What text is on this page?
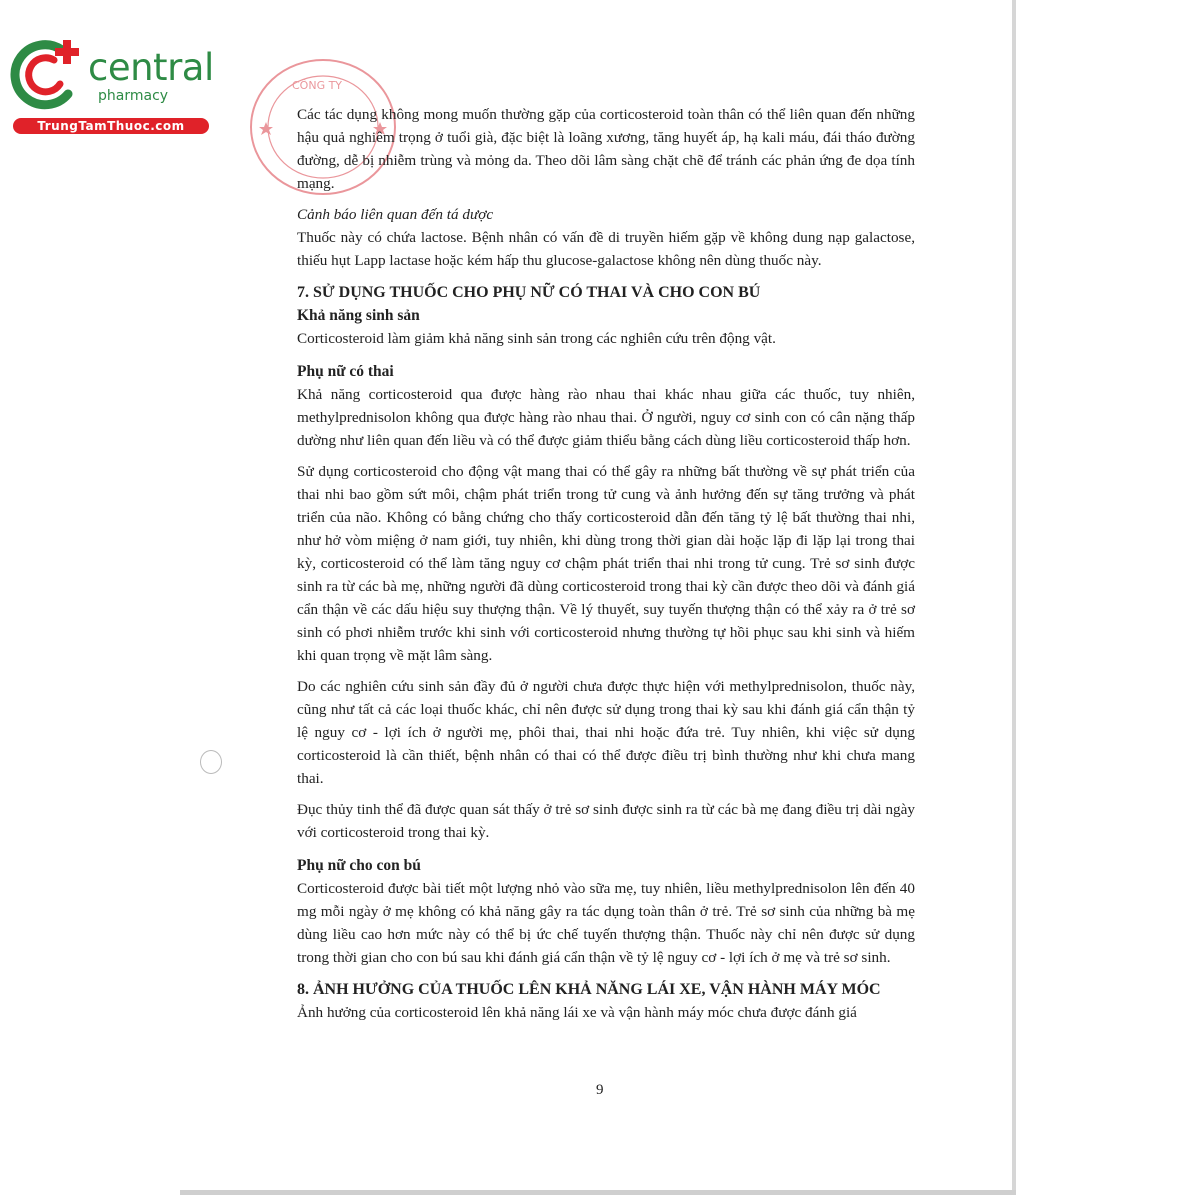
central
pharmacy
TrungTamThuoc.com
CÔNG TY

Các tác dụng không mong muốn thường gặp của corticosteroid toàn thân có thể liên quan đến những hậu quả nghiêm trọng ở tuổi già, đặc biệt là loãng xương, tăng huyết áp, hạ kali máu, đái tháo đường đường, dễ bị nhiễm trùng và mỏng da. Theo dõi lâm sàng chặt chẽ để tránh các phản ứng đe dọa tính mạng.

Cảnh báo liên quan đến tá dược

Thuốc này có chứa lactose. Bệnh nhân có vấn đề di truyền hiếm gặp về không dung nạp galactose, thiếu hụt Lapp lactase hoặc kém hấp thu glucose-galactose không nên dùng thuốc này.

7. SỬ DỤNG THUỐC CHO PHỤ NỮ CÓ THAI VÀ CHO CON BÚ

Khả năng sinh sản

Corticosteroid làm giảm khả năng sinh sản trong các nghiên cứu trên động vật.

Phụ nữ có thai

Khả năng corticosteroid qua được hàng rào nhau thai khác nhau giữa các thuốc, tuy nhiên, methylprednisolon không qua được hàng rào nhau thai. Ở người, nguy cơ sinh con có cân nặng thấp dường như liên quan đến liều và có thể được giảm thiểu bằng cách dùng liều corticosteroid thấp hơn.

Sử dụng corticosteroid cho động vật mang thai có thể gây ra những bất thường về sự phát triển của thai nhi bao gồm sứt môi, chậm phát triển trong tử cung và ảnh hưởng đến sự tăng trưởng và phát triển của não. Không có bằng chứng cho thấy corticosteroid dẫn đến tăng tỷ lệ bất thường thai nhi, như hở vòm miệng ở nam giới, tuy nhiên, khi dùng trong thời gian dài hoặc lặp đi lặp lại trong thai kỳ, corticosteroid có thể làm tăng nguy cơ chậm phát triển thai nhi trong tử cung. Trẻ sơ sinh được sinh ra từ các bà mẹ, những người đã dùng corticosteroid trong thai kỳ cần được theo dõi và đánh giá cẩn thận về các dấu hiệu suy thượng thận. Về lý thuyết, suy tuyến thượng thận có thể xảy ra ở trẻ sơ sinh có phơi nhiễm trước khi sinh với corticosteroid nhưng thường tự hồi phục sau khi sinh và hiếm khi quan trọng về mặt lâm sàng.

Do các nghiên cứu sinh sản đầy đủ ở người chưa được thực hiện với methylprednisolon, thuốc này, cũng như tất cả các loại thuốc khác, chỉ nên được sử dụng trong thai kỳ sau khi đánh giá cẩn thận tỷ lệ nguy cơ - lợi ích ở người mẹ, phôi thai, thai nhi hoặc đứa trẻ. Tuy nhiên, khi việc sử dụng corticosteroid là cần thiết, bệnh nhân có thai có thể được điều trị bình thường như khi chưa mang thai.

Đục thủy tinh thể đã được quan sát thấy ở trẻ sơ sinh được sinh ra từ các bà mẹ đang điều trị dài ngày với corticosteroid trong thai kỳ.

Phụ nữ cho con bú

Corticosteroid được bài tiết một lượng nhỏ vào sữa mẹ, tuy nhiên, liều methylprednisolon lên đến 40 mg mỗi ngày ở mẹ không có khả năng gây ra tác dụng toàn thân ở trẻ. Trẻ sơ sinh của những bà mẹ dùng liều cao hơn mức này có thể bị ức chế tuyến thượng thận. Thuốc này chỉ nên được sử dụng trong thời gian cho con bú sau khi đánh giá cẩn thận về tỷ lệ nguy cơ - lợi ích ở mẹ và trẻ sơ sinh.

8. ẢNH HƯỞNG CỦA THUỐC LÊN KHẢ NĂNG LÁI XE, VẬN HÀNH MÁY MÓC

Ảnh hưởng của corticosteroid lên khả năng lái xe và vận hành máy móc chưa được đánh giá

9
